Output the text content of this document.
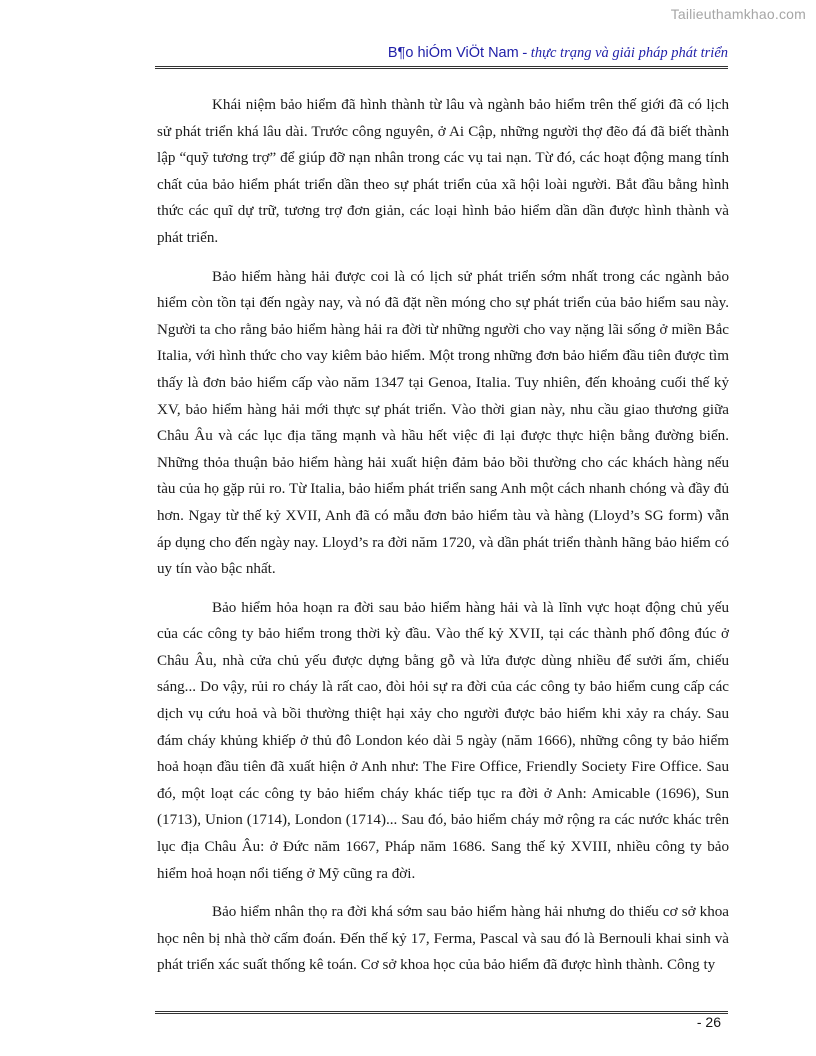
Tailieuthamkhao.com
B¶o hiÓm ViÖt Nam - thực trạng và giải pháp phát triển

Khái niệm bảo hiểm đã hình thành từ lâu và ngành bảo hiểm trên thế giới đã có lịch sử phát triển khá lâu dài. Trước công nguyên, ở Ai Cập, những người thợ đẽo đá đã biết thành lập “quỹ tương trợ” để giúp đỡ nạn nhân trong các vụ tai nạn. Từ đó, các hoạt động mang tính chất của bảo hiểm phát triển dần theo sự phát triển của xã hội loài người. Bắt đầu bằng hình thức các quĩ dự trữ, tương trợ đơn giản, các loại hình bảo hiểm dần dần được hình thành và phát triển.

Bảo hiểm hàng hải được coi là có lịch sử phát triển sớm nhất trong các ngành bảo hiểm còn tồn tại đến ngày nay, và nó đã đặt nền móng cho sự phát triển của bảo hiểm sau này. Người ta cho rằng bảo hiểm hàng hải ra đời từ những người cho vay nặng lãi sống ở miền Bắc Italia, với hình thức cho vay kiêm bảo hiểm. Một trong những đơn bảo hiểm đầu tiên được tìm thấy là đơn bảo hiểm cấp vào năm 1347 tại Genoa, Italia. Tuy nhiên, đến khoảng cuối thế kỷ XV, bảo hiểm hàng hải mới thực sự phát triển. Vào thời gian này, nhu cầu giao thương giữa Châu Âu và các lục địa tăng mạnh và hầu hết việc đi lại được thực hiện bằng đường biển. Những thỏa thuận bảo hiểm hàng hải xuất hiện đảm bảo bồi thường cho các khách hàng nếu tàu của họ gặp rủi ro. Từ Italia, bảo hiểm phát triển sang Anh một cách nhanh chóng và đầy đủ hơn. Ngay từ thế kỷ XVII, Anh đã có mẫu đơn bảo hiểm tàu và hàng (Lloyd’s SG form) vẫn áp dụng cho đến ngày nay. Lloyd’s ra đời năm 1720, và dần phát triển thành hãng bảo hiểm có uy tín vào bậc nhất.

Bảo hiểm hỏa hoạn ra đời sau bảo hiểm hàng hải và là lĩnh vực hoạt động chủ yếu của các công ty bảo hiểm trong thời kỳ đầu. Vào thế kỷ XVII, tại các thành phố đông đúc ở Châu Âu, nhà cửa chủ yếu được dựng bằng gỗ và lửa được dùng nhiều để sưởi ấm, chiếu sáng... Do vậy, rủi ro cháy là rất cao, đòi hỏi sự ra đời của các công ty bảo hiểm cung cấp các dịch vụ cứu hoả và bồi thường thiệt hại xảy cho người được bảo hiểm khi xảy ra cháy. Sau đám cháy khủng khiếp ở thủ đô London kéo dài 5 ngày (năm 1666), những công ty bảo hiểm hoả hoạn đầu tiên đã xuất hiện ở Anh như: The Fire Office, Friendly Society Fire Office. Sau đó, một loạt các công ty bảo hiểm cháy khác tiếp tục ra đời ở Anh: Amicable (1696), Sun (1713), Union (1714), London (1714)... Sau đó, bảo hiểm cháy mở rộng ra các nước khác trên lục địa Châu Âu: ở Đức năm 1667, Pháp năm 1686. Sang thế kỷ XVIII, nhiều công ty bảo hiểm hoả hoạn nổi tiếng ở Mỹ cũng ra đời.

Bảo hiểm nhân thọ ra đời khá sớm sau bảo hiểm hàng hải nhưng do thiếu cơ sở khoa học nên bị nhà thờ cấm đoán. Đến thế kỷ 17, Ferma, Pascal và sau đó là Bernouli khai sinh và phát triển xác suất thống kê toán. Cơ sở khoa học của bảo hiểm đã được hình thành. Công ty

- 26
